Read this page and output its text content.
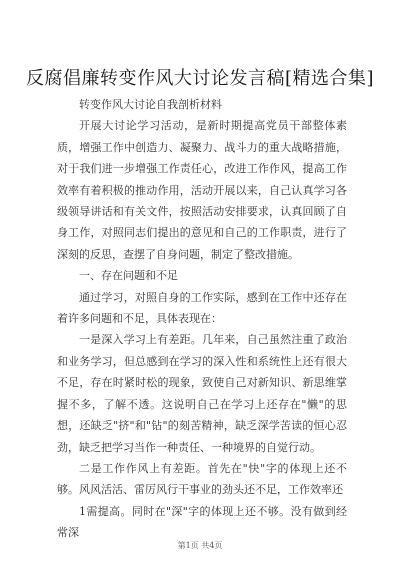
反腐倡廉转变作风大讨论发言稿[精选合集]

转变作风大讨论自我剖析材料

开展大讨论学习活动，是新时期提高党员干部整体素质，增强工作中创造力、凝聚力、战斗力的重大战略措施，对于我们进一步增强工作责任心，改进工作作风，提高工作效率有着积极的推动作用，活动开展以来，自己认真学习各级领导讲话和有关文件，按照活动安排要求，认真回顾了自身工作，对照同志们提出的意见和自己的工作职责，进行了深刻的反思，查摆了自身问题，制定了整改措施。

一、存在问题和不足

通过学习，对照自身的工作实际，感到在工作中还存在着许多问题和不足，具体表现在：

一是深入学习上有差距。几年来，自己虽然注重了政治和业务学习，但总感到在学习的深入性和系统性上还有很大不足，存在时紧时松的现象，致使自己对新知识、新思维掌握不多，了解不透。这说明自己在学习上还存在"懒"的思想，还缺乏"挤"和"钻"的刻苦精神，缺乏深学苦读的恒心忍劲，缺乏把学习当作一种责任、一种境界的自觉行动。

二是工作作风上有差距。首先在"快"字的体现上还不够。风风活活、雷厉风行干事业的劲头还不足，工作效率还

1需提高。同时在"深"字的体现上还不够。没有做到经常深

第1页 共4页
